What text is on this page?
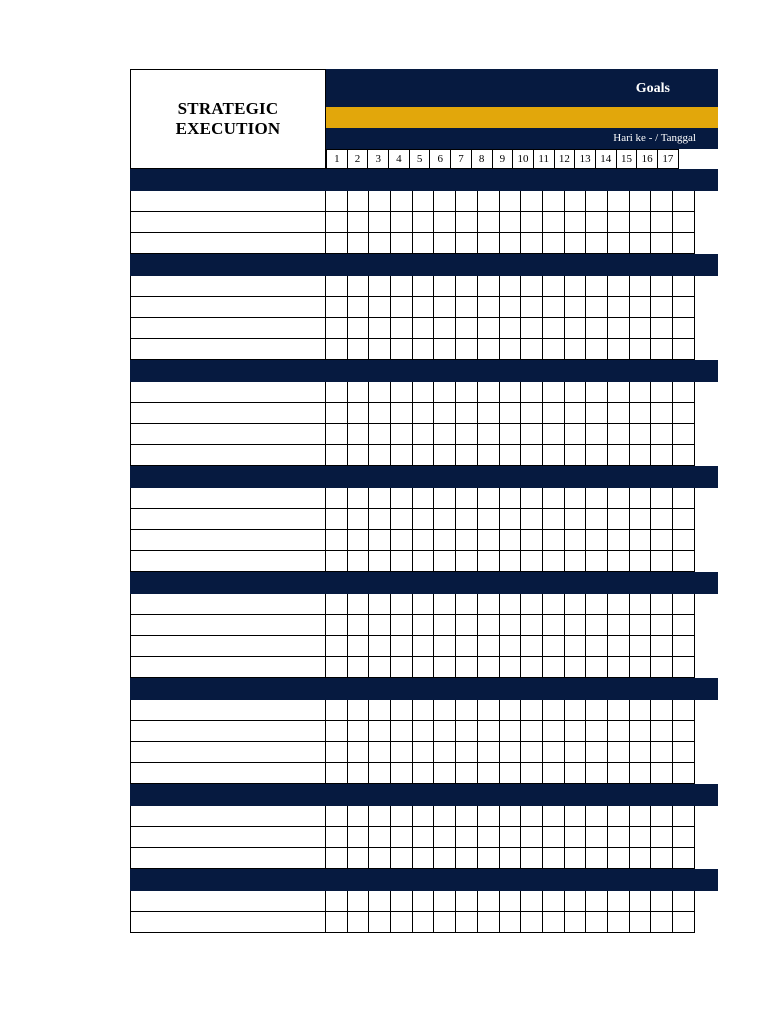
STRATEGIC
EXECUTION
Goals
Hari ke - / Tanggal
1	2	3	4	5	6	7	8	9	10 11 12 13 14 15 16 17
